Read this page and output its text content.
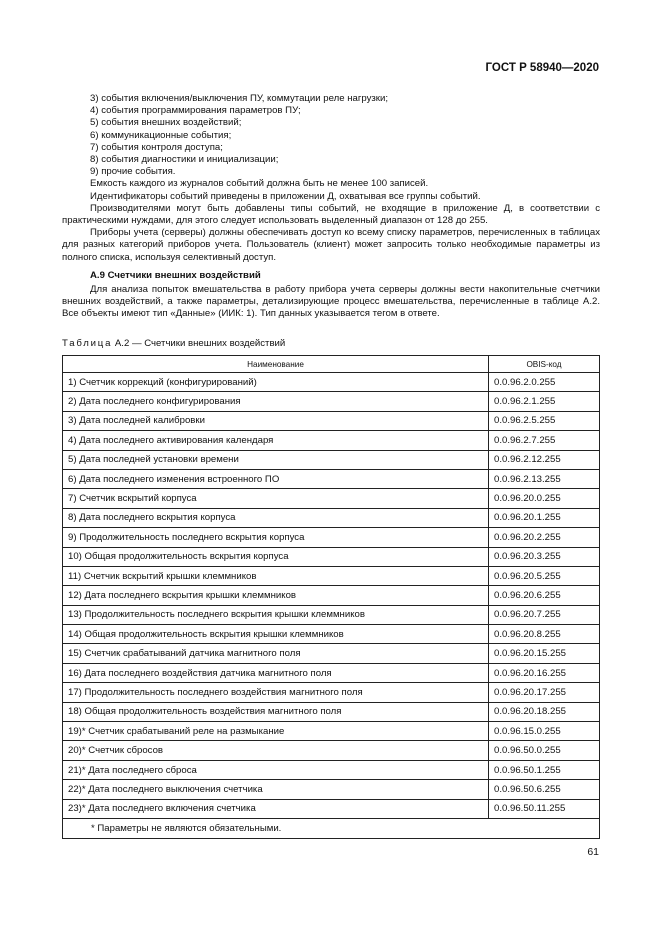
ГОСТ Р 58940—2020

3) события включения/выключения ПУ, коммутации реле нагрузки;

4) события программирования параметров ПУ;

5) события внешних воздействий;

6) коммуникационные события;

7) события контроля доступа;

8) события диагностики и инициализации;

9) прочие события.

Емкость каждого из журналов событий должна быть не менее 100 записей.

Идентификаторы событий приведены в приложении Д, охватывая все группы событий.

Производителями могут быть добавлены типы событий, не входящие в приложение Д, в соответствии с практическими нуждами, для этого следует использовать выделенный диапазон от 128 до 255.

Приборы учета (серверы) должны обеспечивать доступ ко всему списку параметров, перечисленных в таблицах для разных категорий приборов учета. Пользователь (клиент) может запросить только необходимые параметры из полного списка, используя селективный доступ.

А.9 Счетчики внешних воздействий

Для анализа попыток вмешательства в работу прибора учета серверы должны вести накопительные счетчики внешних воздействий, а также параметры, детализирующие процесс вмешательства, перечисленные в таблице А.2. Все объекты имеют тип «Данные» (ИИК: 1). Тип данных указывается тегом в ответе.

Таблица А.2 — Счетчики внешних воздействий
Наименование	OBIS-код
1) Счетчик коррекций (конфигурирований)	0.0.96.2.0.255
2) Дата последнего конфигурирования	0.0.96.2.1.255
3) Дата последней калибровки	0.0.96.2.5.255
4) Дата последнего активирования календаря	0.0.96.2.7.255
5) Дата последней установки времени	0.0.96.2.12.255
6) Дата последнего изменения встроенного ПО	0.0.96.2.13.255
7) Счетчик вскрытий корпуса	0.0.96.20.0.255
8) Дата последнего вскрытия корпуса	0.0.96.20.1.255
9) Продолжительность последнего вскрытия корпуса	0.0.96.20.2.255
10) Общая продолжительность вскрытия корпуса	0.0.96.20.3.255
11) Счетчик вскрытий крышки клеммников	0.0.96.20.5.255
12) Дата последнего вскрытия крышки клеммников	0.0.96.20.6.255
13) Продолжительность последнего вскрытия крышки клеммников	0.0.96.20.7.255
14) Общая продолжительность вскрытия крышки клеммников	0.0.96.20.8.255
15) Счетчик срабатываний датчика магнитного поля	0.0.96.20.15.255
16) Дата последнего воздействия датчика магнитного поля	0.0.96.20.16.255
17) Продолжительность последнего воздействия магнитного поля	0.0.96.20.17.255
18) Общая продолжительность воздействия магнитного поля	0.0.96.20.18.255
19)* Счетчик срабатываний реле на размыкание	0.0.96.15.0.255
20)* Счетчик сбросов	0.0.96.50.0.255
21)* Дата последнего сброса	0.0.96.50.1.255
22)* Дата последнего выключения счетчика	0.0.96.50.6.255
23)* Дата последнего включения счетчика	0.0.96.50.11.255
* Параметры не являются обязательными.	
61
